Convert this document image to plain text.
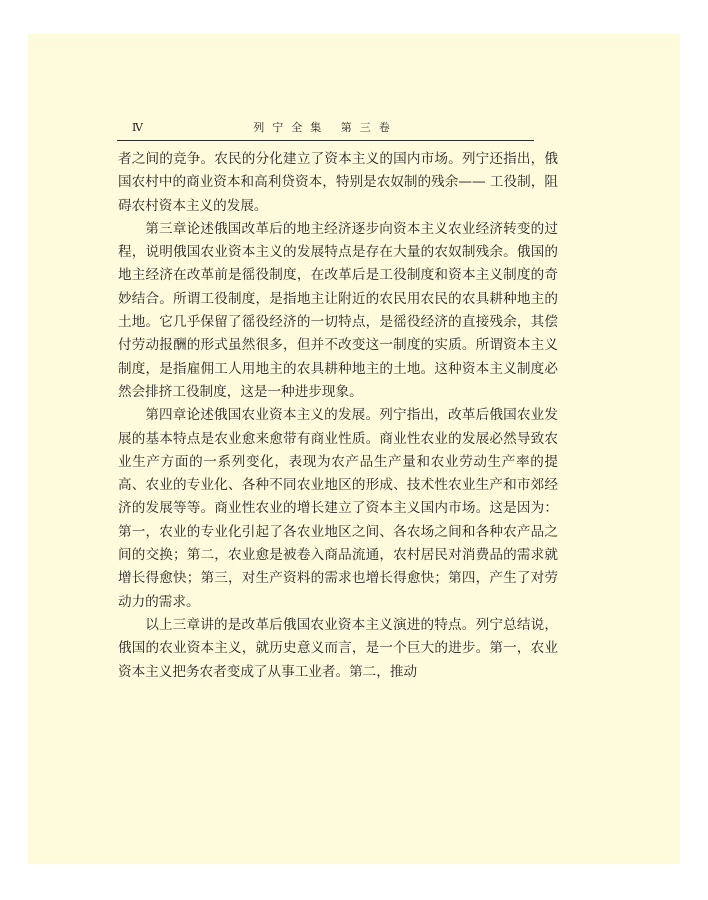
Ⅳ	列宁全集 第三卷

者之间的竞争。农民的分化建立了资本主义的国内市场。列宁还指出，俄国农村中的商业资本和高利贷资本，特别是农奴制的残余—— 工役制，阻碍农村资本主义的发展。

第三章论述俄国改革后的地主经济逐步向资本主义农业经济转变的过程，说明俄国农业资本主义的发展特点是存在大量的农奴制残余。俄国的地主经济在改革前是徭役制度，在改革后是工役制度和资本主义制度的奇妙结合。所谓工役制度，是指地主让附近的农民用农民的农具耕种地主的土地。它几乎保留了徭役经济的一切特点，是徭役经济的直接残余，其偿付劳动报酬的形式虽然很多，但并不改变这一制度的实质。所谓资本主义制度，是指雇佣工人用地主的农具耕种地主的土地。这种资本主义制度必然会排挤工役制度，这是一种进步现象。

第四章论述俄国农业资本主义的发展。列宁指出，改革后俄国农业发展的基本特点是农业愈来愈带有商业性质。商业性农业的发展必然导致农业生产方面的一系列变化，表现为农产品生产量和农业劳动生产率的提高、农业的专业化、各种不同农业地区的形成、技术性农业生产和市郊经济的发展等等。商业性农业的增长建立了资本主义国内市场。这是因为：第一，农业的专业化引起了各农业地区之间、各农场之间和各种农产品之间的交换；第二，农业愈是被卷入商品流通，农村居民对消费品的需求就增长得愈快；第三，对生产资料的需求也增长得愈快；第四，产生了对劳动力的需求。

以上三章讲的是改革后俄国农业资本主义演进的特点。列宁总结说，俄国的农业资本主义，就历史意义而言，是一个巨大的进步。第一，农业资本主义把务农者变成了从事工业者。第二，推动
